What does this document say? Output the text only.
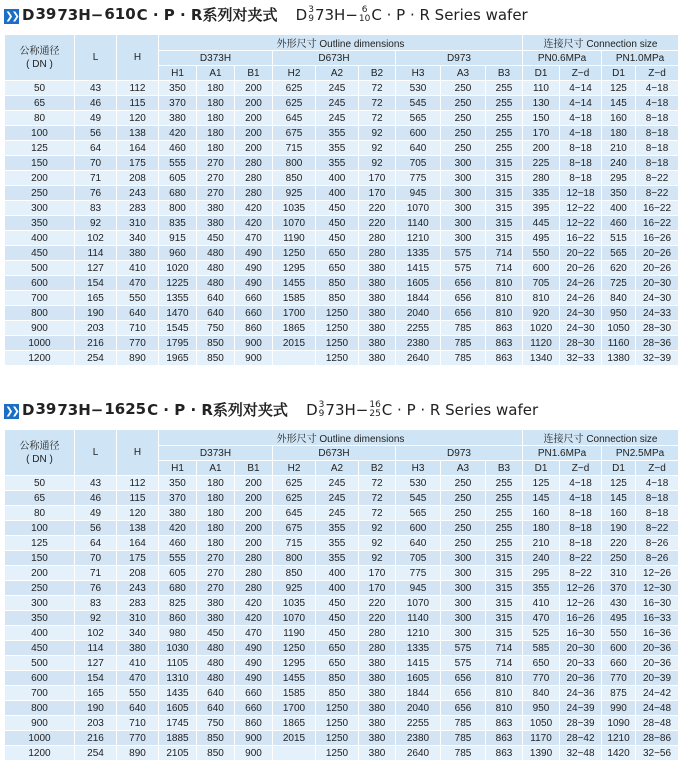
❯❯ D3973H−610C · P · R系列对夹式 D 3
9 73H− 6
10 C · P · R Series wafer
公称通径
( DN )	L	H	外形尺寸 Outline dimensions									连接尺寸 Connection size			
			D373H			D673H			D973			PN0.6MPa		PN1.0MPa	
			H1	A1	B1	H2	A2	B2	H3	A3	B3	D1	Z−d	D1	Z−d
50	43	112	350	180	200	625	245	72	530	250	255	110	4−14	125	4−18
65	46	115	370	180	200	625	245	72	545	250	255	130	4−14	145	4−18
80	49	120	380	180	200	645	245	72	565	250	255	150	4−18	160	8−18
100	56	138	420	180	200	675	355	92	600	250	255	170	4−18	180	8−18
125	64	164	460	180	200	715	355	92	640	250	255	200	8−18	210	8−18
150	70	175	555	270	280	800	355	92	705	300	315	225	8−18	240	8−18
200	71	208	605	270	280	850	400	170	775	300	315	280	8−18	295	8−22
250	76	243	680	270	280	925	400	170	945	300	315	335	12−18	350	8−22
300	83	283	800	380	420	1035	450	220	1070	300	315	395	12−22	400	16−22
350	92	310	835	380	420	1070	450	220	1140	300	315	445	12−22	460	16−22
400	102	340	915	450	470	1190	450	280	1210	300	315	495	16−22	515	16−26
450	114	380	960	480	490	1250	650	280	1335	575	714	550	20−22	565	20−26
500	127	410	1020	480	490	1295	650	380	1415	575	714	600	20−26	620	20−26
600	154	470	1225	480	490	1455	850	380	1605	656	810	705	24−26	725	20−30
700	165	550	1355	640	660	1585	850	380	1844	656	810	810	24−26	840	24−30
800	190	640	1470	640	660	1700	1250	380	2040	656	810	920	24−30	950	24−33
900	203	710	1545	750	860	1865	1250	380	2255	785	863	1020	24−30	1050	28−30
1000	216	770	1795	850	900	2015	1250	380	2380	785	863	1120	28−30	1160	28−36
1200	254	890	1965	850	900		1250	380	2640	785	863	1340	32−33	1380	32−39
❯❯ D3973H−1625C · P · R系列对夹式 D 3
9 73H− 16
25 C · P · R Series wafer
公称通径
( DN )	L	H	外形尺寸 Outline dimensions									连接尺寸 Connection size			
			D373H			D673H			D973			PN1.6MPa		PN2.5MPa	
			H1	A1	B1	H2	A2	B2	H3	A3	B3	D1	Z−d	D1	Z−d
50	43	112	350	180	200	625	245	72	530	250	255	125	4−18	125	4−18
65	46	115	370	180	200	625	245	72	545	250	255	145	4−18	145	8−18
80	49	120	380	180	200	645	245	72	565	250	255	160	8−18	160	8−18
100	56	138	420	180	200	675	355	92	600	250	255	180	8−18	190	8−22
125	64	164	460	180	200	715	355	92	640	250	255	210	8−18	220	8−26
150	70	175	555	270	280	800	355	92	705	300	315	240	8−22	250	8−26
200	71	208	605	270	280	850	400	170	775	300	315	295	8−22	310	12−26
250	76	243	680	270	280	925	400	170	945	300	315	355	12−26	370	12−30
300	83	283	825	380	420	1035	450	220	1070	300	315	410	12−26	430	16−30
350	92	310	860	380	420	1070	450	220	1140	300	315	470	16−26	495	16−33
400	102	340	980	450	470	1190	450	280	1210	300	315	525	16−30	550	16−36
450	114	380	1030	480	490	1250	650	280	1335	575	714	585	20−30	600	20−36
500	127	410	1105	480	490	1295	650	380	1415	575	714	650	20−33	660	20−36
600	154	470	1310	480	490	1455	850	380	1605	656	810	770	20−36	770	20−39
700	165	550	1435	640	660	1585	850	380	1844	656	810	840	24−36	875	24−42
800	190	640	1605	640	660	1700	1250	380	2040	656	810	950	24−39	990	24−48
900	203	710	1745	750	860	1865	1250	380	2255	785	863	1050	28−39	1090	28−48
1000	216	770	1885	850	900	2015	1250	380	2380	785	863	1170	28−42	1210	28−86
1200	254	890	2105	850	900		1250	380	2640	785	863	1390	32−48	1420	32−56
